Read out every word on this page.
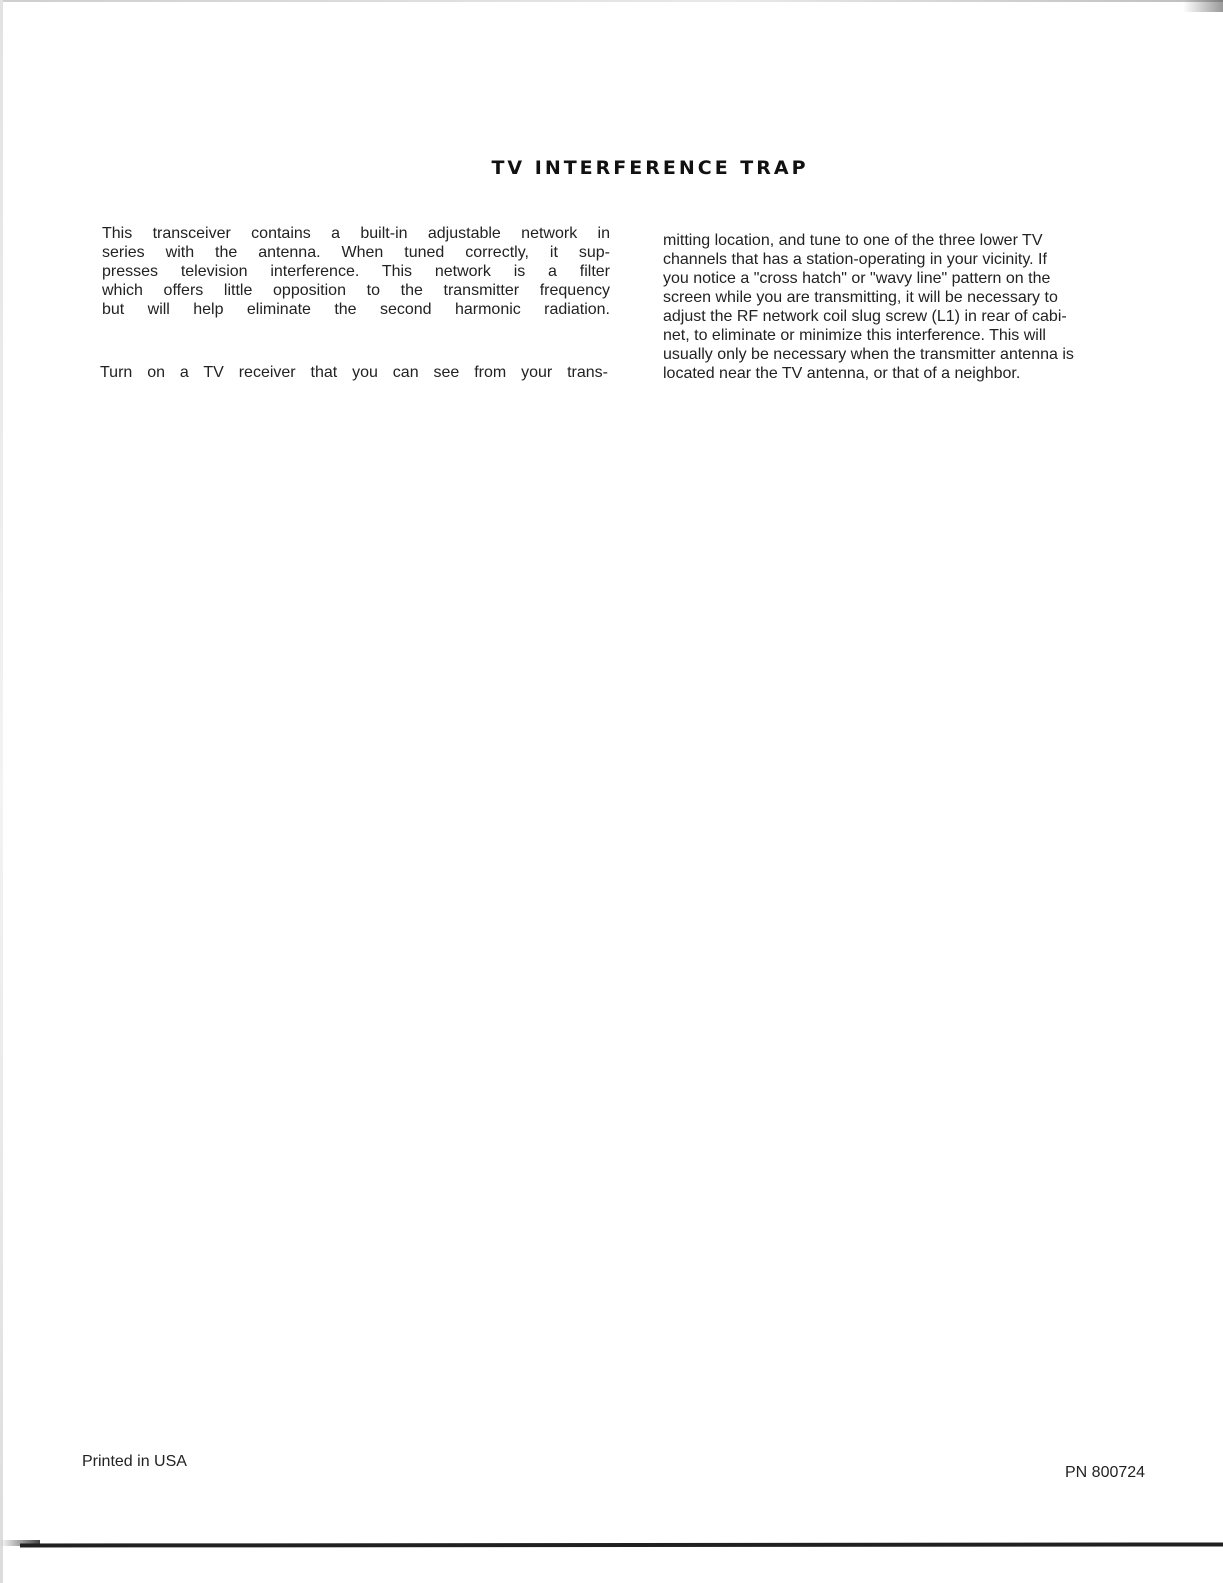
TV INTERFERENCE TRAP
This transceiver contains a built-in adjustable network in
series with the antenna. When tuned correctly, it sup-
presses television interference. This network is a filter
which offers little opposition to the transmitter frequency
but will help eliminate the second harmonic radiation.
Turn on a TV receiver that you can see from your trans-
mitting location, and tune to one of the three lower TV
channels that has a station-operating in your vicinity. If
you notice a "cross hatch" or "wavy line" pattern on the
screen while you are transmitting, it will be necessary to
adjust the RF network coil slug screw (L1) in rear of cabi-
net, to eliminate or minimize this interference. This will
usually only be necessary when the transmitter antenna is
located near the TV antenna, or that of a neighbor.

Printed in USA

PN 800724
